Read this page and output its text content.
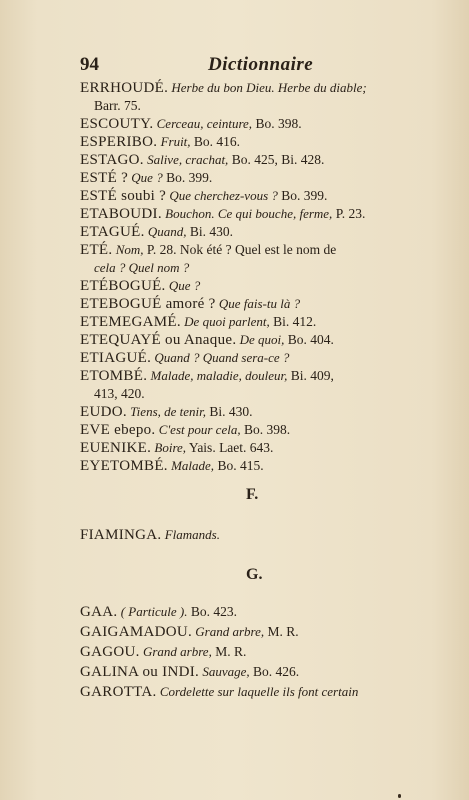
94	Dictionnaire
ERRHOUDÉ. Herbe du bon Dieu. Herbe du diable;
Barr. 75.
ESCOUTY. Cerceau, ceinture, Bo. 398.
ESPERIBO. Fruit, Bo. 416.
ESTAGO. Salive, crachat, Bo. 425, Bi. 428.
ESTÉ ? Que ? Bo. 399.
ESTÉ soubi ? Que cherchez-vous ? Bo. 399.
ETABOUDI. Bouchon. Ce qui bouche, ferme, P. 23.
ETAGUÉ. Quand, Bi. 430.
ETÉ. Nom, P. 28. Nok été ? Quel est le nom de
cela ? Quel nom ?
ETÉBOGUÉ. Que ?
ETEBOGUÉ amoré ? Que fais-tu là ?
ETEMEGAMÉ. De quoi parlent, Bi. 412.
ETEQUAYÉ ou Anaque. De quoi, Bo. 404.
ETIAGUÉ. Quand ? Quand sera-ce ?
ETOMBÉ. Malade, maladie, douleur, Bi. 409,
413, 420.
EUDO. Tiens, de tenir, Bi. 430.
EVE ebepo. C'est pour cela, Bo. 398.
EUENIKE. Boire, Yais. Laet. 643.
EYETOMBÉ. Malade, Bo. 415.
F.
FIAMINGA. Flamands.
G.
GAA. ( Particule ). Bo. 423.
GAIGAMADOU. Grand arbre, M. R.
GAGOU. Grand arbre, M. R.
GALINA ou INDI. Sauvage, Bo. 426.
GAROTTA. Cordelette sur laquelle ils font certain
